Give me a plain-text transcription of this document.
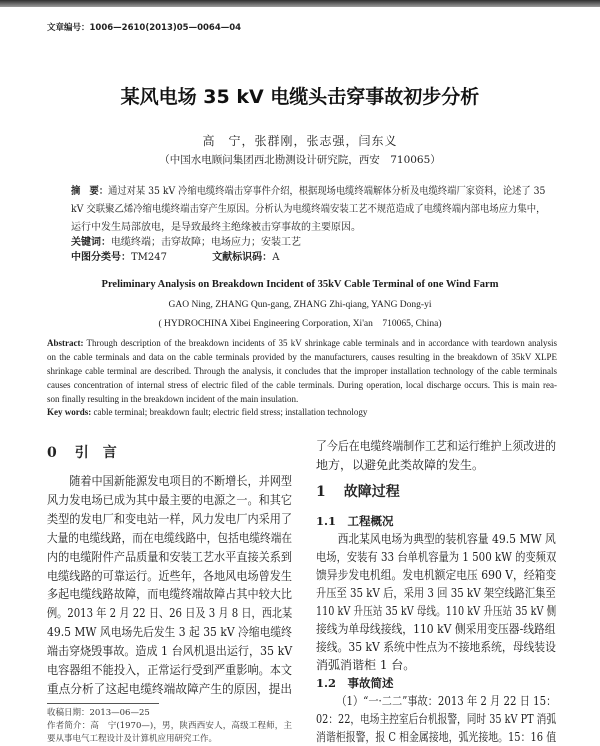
文章编号：1006—2610(2013)05—0064—04
某风电场 35 kV 电缆头击穿事故初步分析
高　宁，张群刚，张志强，闫东义
（中国水电顾问集团西北勘测设计研究院，西安　710065）
摘　要：通过对某 35 kV 冷缩电缆终端击穿事件介绍，根据现场电缆终端解体分析及电缆终端厂家资料，论述了 35
kV 交联聚乙烯冷缩电缆终端击穿产生原因。分析认为电缆终端安装工艺不规范造成了电缆终端内部电场应力集中，
运行中发生局部放电，是导致最终主绝缘被击穿事故的主要原因。
关键词：电缆终端；击穿故障；电场应力；安装工艺
中图分类号：TM247	文献标识码：A
Preliminary Analysis on Breakdown Incident of 35kV Cable Terminal of one Wind Farm
GAO Ning, ZHANG Qun-gang, ZHANG Zhi-qiang, YANG Dong-yi
( HYDROCHINA Xibei Engineering Corporation, Xi'an　710065, China)
Abstract: Through description of the breakdown incidents of 35 kV shrinkage cable terminals and in accordance with teardown analysis
on the cable terminals and data on the cable terminals provided by the manufacturers, causes resulting in the breakdown of 35kV XLPE
shrinkage cable terminal are described. Through the analysis, it concludes that the improper installation technology of the cable terminals
causes concentration of internal stress of electric filed of the cable terminals. During operation, local discharge occurs. This is main rea-
son finally resulting in the breakdown incident of the main insulation.
Key words: cable terminal; breakdown fault; electric field stress; installation technology
0 引　言
随着中国新能源发电项目的不断增长，并网型
风力发电场已成为其中最主要的电源之一。和其它
类型的发电厂和变电站一样，风力发电厂内采用了
大量的电缆线路，而在电缆线路中，包括电缆终端在
内的电缆附件产品质量和安装工艺水平直接关系到
电缆线路的可靠运行。近些年，各地风电场曾发生
多起电缆线路故障，而电缆终端故障占其中较大比
例。2013 年 2 月 22 日、26 日及 3 月 8 日，西北某
49.5 MW 风电场先后发生 3 起 35 kV 冷缩电缆终
端击穿烧毁事故。造成 1 台风机退出运行，35 kV
电容器组不能投入，正常运行受到严重影响。本文
重点分析了这起电缆终端故障产生的原因，提出
收稿日期：2013—06—25
作者简介：高　宁(1970—)，男，陕西西安人，高级工程师，主
要从事电气工程设计及计算机应用研究工作。
了今后在电缆终端制作工艺和运行维护上须改进的
地方，以避免此类故障的发生。
1 故障过程
1.1　工程概况
西北某风电场为典型的装机容量 49.5 MW 风
电场，安装有 33 台单机容量为 1 500 kW 的变频双
馈异步发电机组。发电机额定电压 690 V，经箱变
升压至 35 kV 后，采用 3 回 35 kV 架空线路汇集至
110 kV 升压站 35 kV 母线。110 kV 升压站 35 kV 侧
接线为单母线接线，110 kV 侧采用变压器-线路组
接线。35 kV 系统中性点为不接地系统，母线装设
消弧消谐柜 1 台。
1.2　事故简述
（1）“一·二二”事故：2013 年 2 月 22 日 15：
02：22，电场主控室后台机报警，同时 35 kV PT 消弧
消谐柜报警，报 C 相金属接地，弧光接地。15：16 值
